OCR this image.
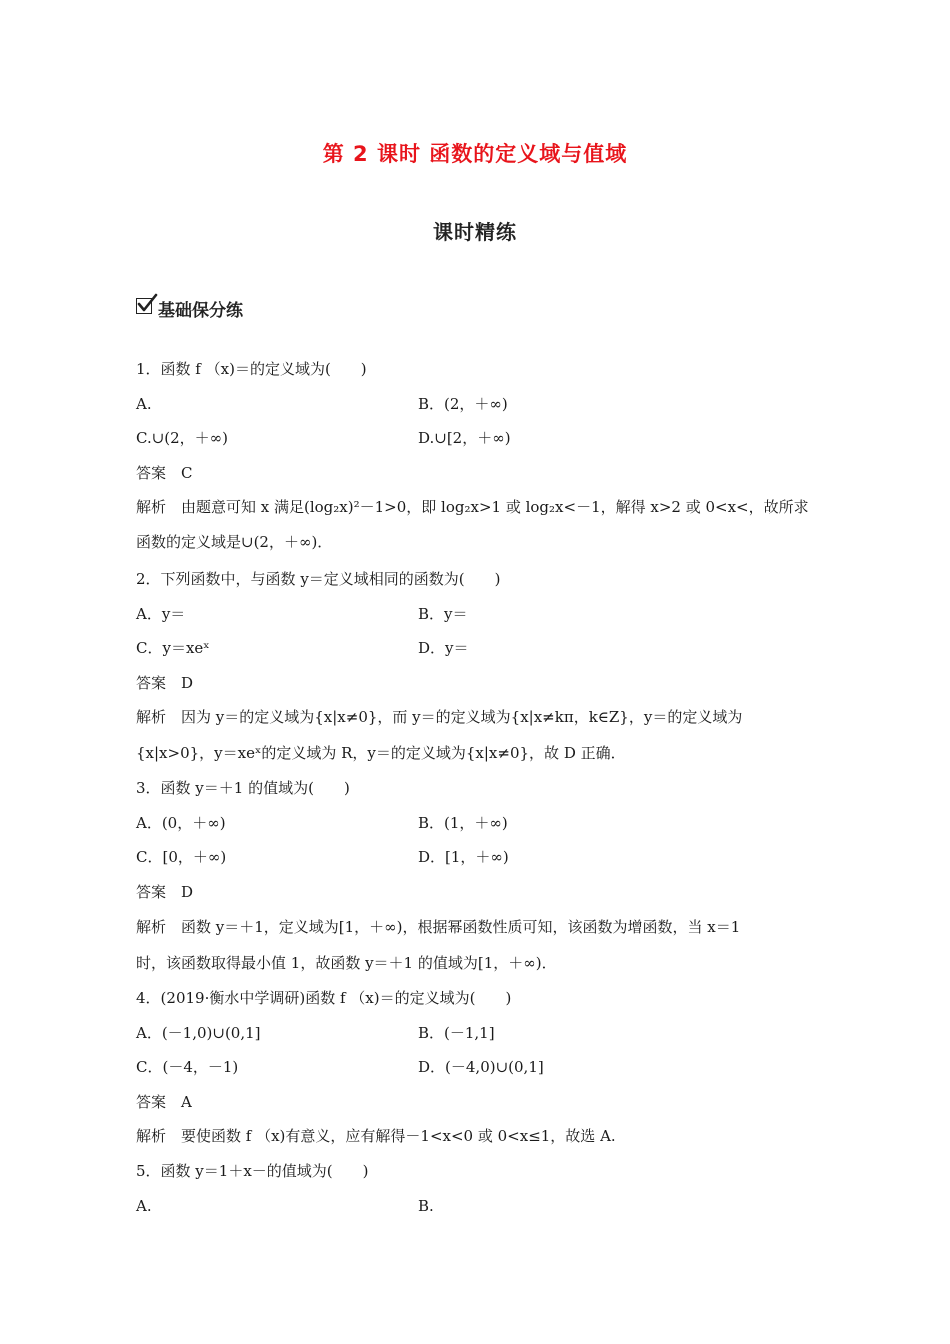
第 2 课时 函数的定义域与值域
课时精练
基础保分练
1．函数 f （x)＝的定义域为(　　)
A.	B．(2，＋∞)
C.∪(2，＋∞)	D.∪[2，＋∞)
答案　C
解析　由题意可知 x 满足(log₂x)²－1>0，即 log₂x>1 或 log₂x<－1，解得 x>2 或 0<x<，故所求
函数的定义域是∪(2，＋∞)．
2．下列函数中，与函数 y＝定义域相同的函数为(　　)
A．y＝	B．y＝
C．y＝xeˣ	D．y＝
答案　D
解析　因为 y＝的定义域为{x|x≠0}，而 y＝的定义域为{x|x≠kπ，k∈Z}，y＝的定义域为
{x|x>0}，y＝xeˣ的定义域为 R，y＝的定义域为{x|x≠0}，故 D 正确．
3．函数 y＝＋1 的值域为(　　)
A．(0，＋∞)	B．(1，＋∞)
C．[0，＋∞)	D．[1，＋∞)
答案　D
解析　函数 y＝＋1，定义域为[1，＋∞)，根据幂函数性质可知，该函数为增函数，当 x＝1
时，该函数取得最小值 1，故函数 y＝＋1 的值域为[1，＋∞)．
4．(2019·衡水中学调研)函数 f （x)＝的定义域为(　　)
A．(－1,0)∪(0,1]	B．(－1,1]
C．(－4，－1)	D．(－4,0)∪(0,1]
答案　A
解析　要使函数 f （x)有意义，应有解得－1<x<0 或 0<x≤1，故选 A.
5．函数 y＝1＋x－的值域为(　　)
A.	B.
